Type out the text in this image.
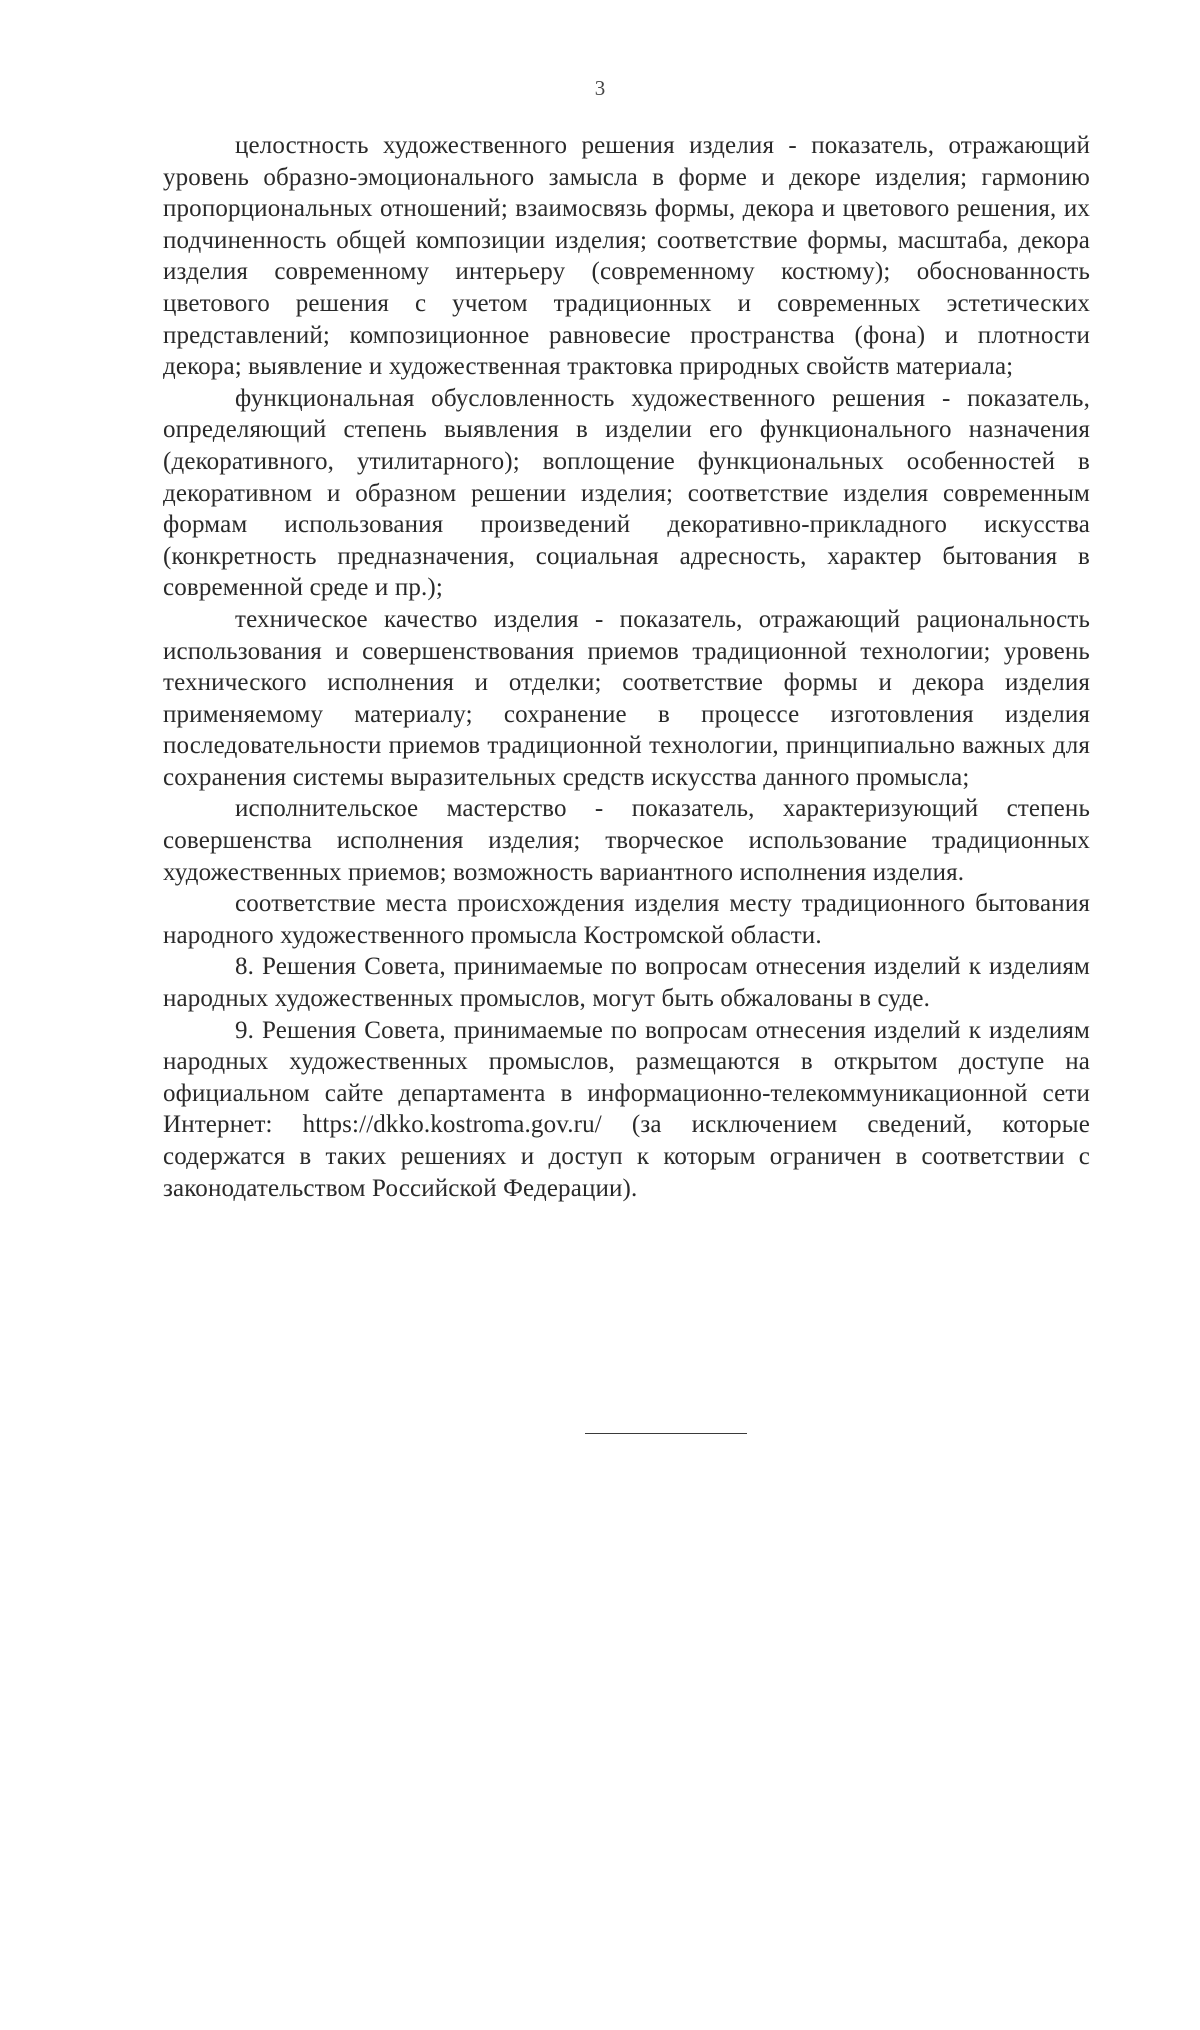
3

целостность художественного решения изделия - показатель, отражающий уровень образно-эмоционального замысла в форме и декоре изделия; гармонию пропорциональных отношений; взаимосвязь формы, декора и цветового решения, их подчиненность общей композиции изделия; соответствие формы, масштаба, декора изделия современному интерьеру (современному костюму); обоснованность цветового решения с учетом традиционных и современных эстетических представлений; композиционное равновесие пространства (фона) и плотности декора; выявление и художественная трактовка природных свойств материала;

функциональная обусловленность художественного решения - показатель, определяющий степень выявления в изделии его функционального назначения (декоративного, утилитарного); воплощение функциональных особенностей в декоративном и образном решении изделия; соответствие изделия современным формам использования произведений декоративно-прикладного искусства (конкретность предназначения, социальная адресность, характер бытования в современной среде и пр.);

техническое качество изделия - показатель, отражающий рациональность использования и совершенствования приемов традиционной технологии; уровень технического исполнения и отделки; соответствие формы и декора изделия применяемому материалу; сохранение в процессе изготовления изделия последовательности приемов традиционной технологии, принципиально важных для сохранения системы выразительных средств искусства данного промысла;

исполнительское мастерство - показатель, характеризующий степень совершенства исполнения изделия; творческое использование традиционных художественных приемов; возможность вариантного исполнения изделия.

соответствие места происхождения изделия месту традиционного бытования народного художественного промысла Костромской области.

8. Решения Совета, принимаемые по вопросам отнесения изделий к изделиям народных художественных промыслов, могут быть обжалованы в суде.

9. Решения Совета, принимаемые по вопросам отнесения изделий к изделиям народных художественных промыслов, размещаются в открытом доступе на официальном сайте департамента в информационно-телекоммуникационной сети Интернет: https://dkko.kostroma.gov.ru/ (за исключением сведений, которые содержатся в таких решениях и доступ к которым ограничен в соответствии с законодательством Российской Федерации).
